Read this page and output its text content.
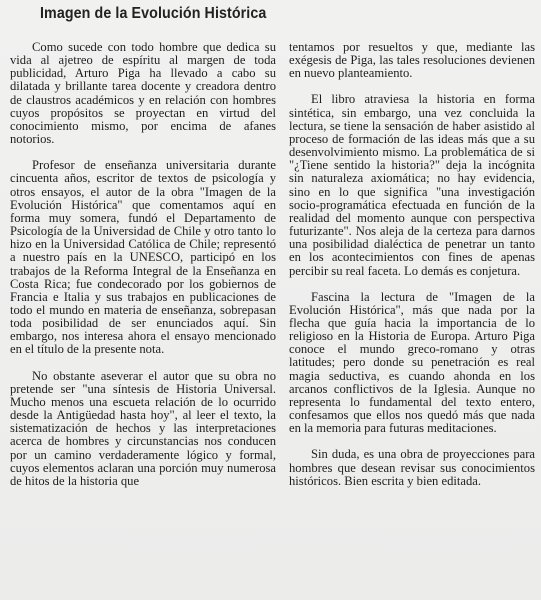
Imagen de la Evolución Histórica

Como sucede con todo hombre que dedica su vida al ajetreo de espíritu al margen de toda publicidad, Arturo Piga ha llevado a cabo su dilatada y brillante tarea docente y creadora dentro de claustros académicos y en relación con hombres cuyos propósitos se proyectan en virtud del conocimiento mismo, por encima de afanes notorios.

Profesor de enseñanza universitaria durante cincuenta años, escritor de textos de psicología y otros ensayos, el autor de la obra "Imagen de la Evolución Histórica" que comentamos aquí en forma muy somera, fundó el Departamento de Psicología de la Universidad de Chile y otro tanto lo hizo en la Universidad Católica de Chile; representó a nuestro país en la UNESCO, participó en los trabajos de la Reforma Integral de la Enseñanza en Costa Rica; fue condecorado por los gobiernos de Francia e Italia y sus trabajos en publicaciones de todo el mundo en materia de enseñanza, sobrepasan toda posibilidad de ser enunciados aquí. Sin embargo, nos interesa ahora el ensayo mencionado en el título de la presente nota.

No obstante aseverar el autor que su obra no pretende ser "una síntesis de Historia Universal. Mucho menos una escueta relación de lo ocurrido desde la Antigüedad hasta hoy", al leer el texto, la sistematización de hechos y las interpretaciones acerca de hombres y circunstancias nos conducen por un camino verdaderamente lógico y formal, cuyos elementos aclaran una porción muy numerosa de hitos de la historia que

tentamos por resueltos y que, mediante las exégesis de Piga, las tales resoluciones devienen en nuevo planteamiento.

El libro atraviesa la historia en forma sintética, sin embargo, una vez concluida la lectura, se tiene la sensación de haber asistido al proceso de formación de las ideas más que a su desenvolvimiento mismo. La problemática de si "¿Tiene sentido la historia?" deja la incógnita sin naturaleza axiomática; no hay evidencia, sino en lo que significa "una investigación socio-programática efectuada en función de la realidad del momento aunque con perspectiva futurizante". Nos aleja de la certeza para darnos una posibilidad dialéctica de penetrar un tanto en los acontecimientos con fines de apenas percibir su real faceta. Lo demás es conjetura.

Fascina la lectura de "Imagen de la Evolución Histórica", más que nada por la flecha que guía hacia la importancia de lo religioso en la Historia de Europa. Arturo Piga conoce el mundo greco-romano y otras latitudes; pero donde su penetración es real magia seductiva, es cuando ahonda en los arcanos conflictivos de la Iglesia. Aunque no representa lo fundamental del texto entero, confesamos que ellos nos quedó más que nada en la memoria para futuras meditaciones.

Sin duda, es una obra de proyecciones para hombres que desean revisar sus conocimientos históricos. Bien escrita y bien editada.
